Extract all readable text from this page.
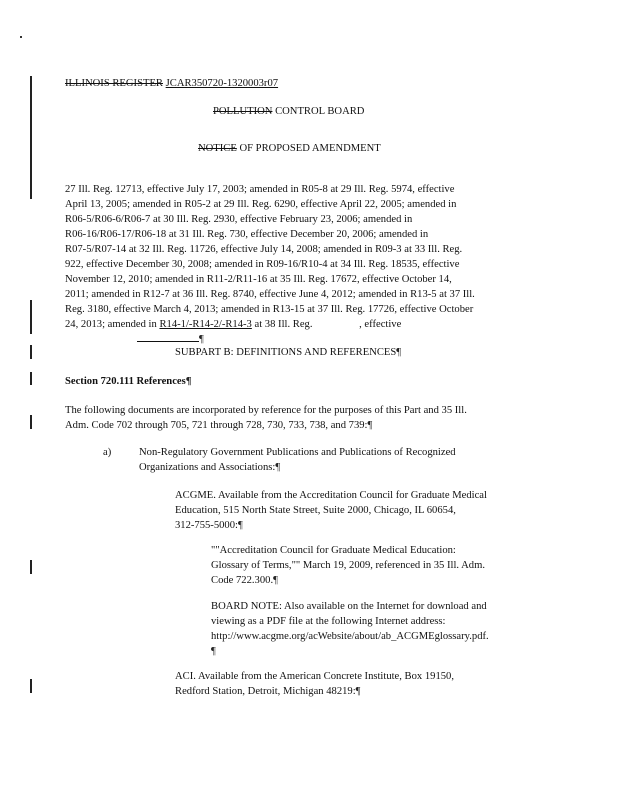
ILLINOIS REGISTER JCAR350720-1320003r07
POLLUTION CONTROL BOARD
NOTICE OF PROPOSED AMENDMENT

27 Ill. Reg. 12713, effective July 17, 2003; amended in R05-8 at 29 Ill. Reg. 5974, effective

April 13, 2005; amended in R05-2 at 29 Ill. Reg. 6290, effective April 22, 2005; amended in

R06-5/R06-6/R06-7 at 30 Ill. Reg. 2930, effective February 23, 2006; amended in

R06-16/R06-17/R06-18 at 31 Ill. Reg. 730, effective December 20, 2006; amended in

R07-5/R07-14 at 32 Ill. Reg. 11726, effective July 14, 2008; amended in R09-3 at 33 Ill. Reg.

922, effective December 30, 2008; amended in R09-16/R10-4 at 34 Ill. Reg. 18535, effective

November 12, 2010; amended in R11-2/R11-16 at 35 Ill. Reg. 17672, effective October 14,

2011; amended in R12-7 at 36 Ill. Reg. 8740, effective June 4, 2012; amended in R13-5 at 37 Ill.

Reg. 3180, effective March 4, 2013; amended in R13-15 at 37 Ill. Reg. 17726, effective October

24, 2013; amended in R14-1/-R14-2/-R14-3 at 38 Ill. Reg.	, effective

¶

SUBPART B: DEFINITIONS AND REFERENCES¶
Section 720.111 References¶

The following documents are incorporated by reference for the purposes of this Part and 35 Ill.

Adm. Code 702 through 705, 721 through 728, 730, 733, 738, and 739:¶

a)	Non-Regulatory Government Publications and Publications of Recognized

Organizations and Associations:¶

ACGME. Available from the Accreditation Council for Graduate Medical

Education, 515 North State Street, Suite 2000, Chicago, IL 60654,

312-755-5000:¶

""Accreditation Council for Graduate Medical Education:

Glossary of Terms,"" March 19, 2009, referenced in 35 Ill. Adm.

Code 722.300.¶

BOARD NOTE: Also available on the Internet for download and

viewing as a PDF file at the following Internet address:

http://www.acgme.org/acWebsite/about/ab_ACGMEglossary.pdf.

¶

ACI. Available from the American Concrete Institute, Box 19150,

Redford Station, Detroit, Michigan 48219:¶
